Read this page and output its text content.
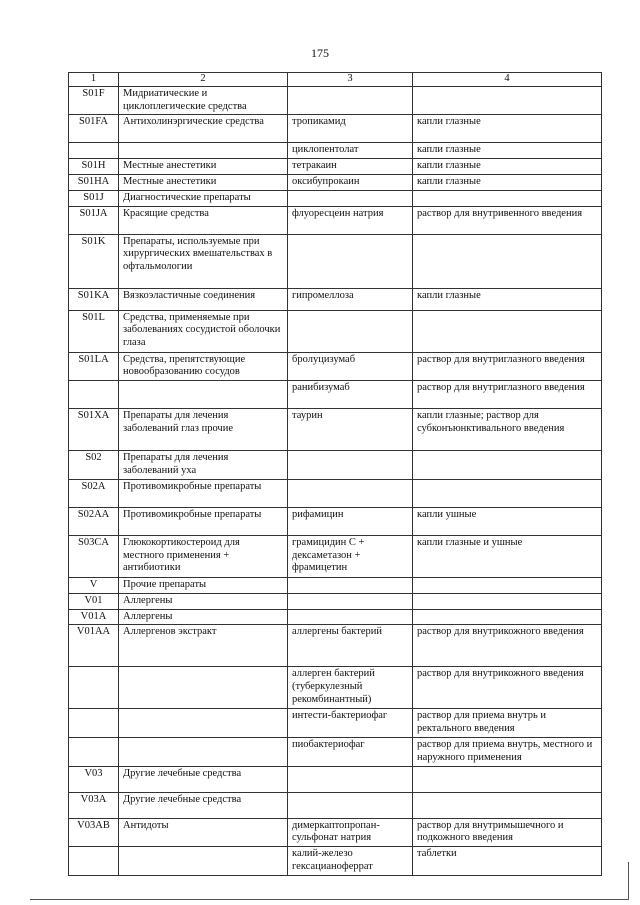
175
1	2	3	4
S01F	Мидриатические и циклоплегические средства		
S01FA	Антихолинэргические средства	тропикамид	капли глазные
		циклопентолат	капли глазные
S01H	Местные анестетики	тетракаин	капли глазные
S01HA	Местные анестетики	оксибупрокаин	капли глазные
S01J	Диагностические препараты		
S01JA	Красящие средства	флуоресцеин натрия	раствор для внутривенного введения
S01K	Препараты, используемые при хирургических вмешательствах в офтальмологии		
S01KA	Вязкоэластичные соединения	гипромеллоза	капли глазные
S01L	Средства, применяемые при заболеваниях сосудистой оболочки глаза		
S01LA	Средства, препятствующие новообразованию сосудов	бролуцизумаб	раствор для внутриглазного введения
		ранибизумаб	раствор для внутриглазного введения
S01XA	Препараты для лечения заболеваний глаз прочие	таурин	капли глазные; раствор для субконъюнктивального введения
S02	Препараты для лечения заболеваний уха		
S02A	Противомикробные препараты		
S02AA	Противомикробные препараты	рифамицин	капли ушные
S03CA	Глюкокортикостероид для местного применения + антибиотики	грамицидин С + дексаметазон + фрамицетин	капли глазные и ушные
V	Прочие препараты		
V01	Аллергены		
V01A	Аллергены		
V01AA	Аллергенов экстракт	аллергены бактерий	раствор для внутрикожного введения
		аллерген бактерий (туберкулезный рекомбинантный)	раствор для внутрикожного введения
		интести-бактериофаг	раствор для приема внутрь и ректального введения
		пиобактериофаг	раствор для приема внутрь, местного и наружного применения
V03	Другие лечебные средства		
V03A	Другие лечебные средства		
V03AB	Антидоты	димеркаптопропан-сульфонат натрия	раствор для внутримышечного и подкожного введения
		калий-железо гексацианоферрат	таблетки
